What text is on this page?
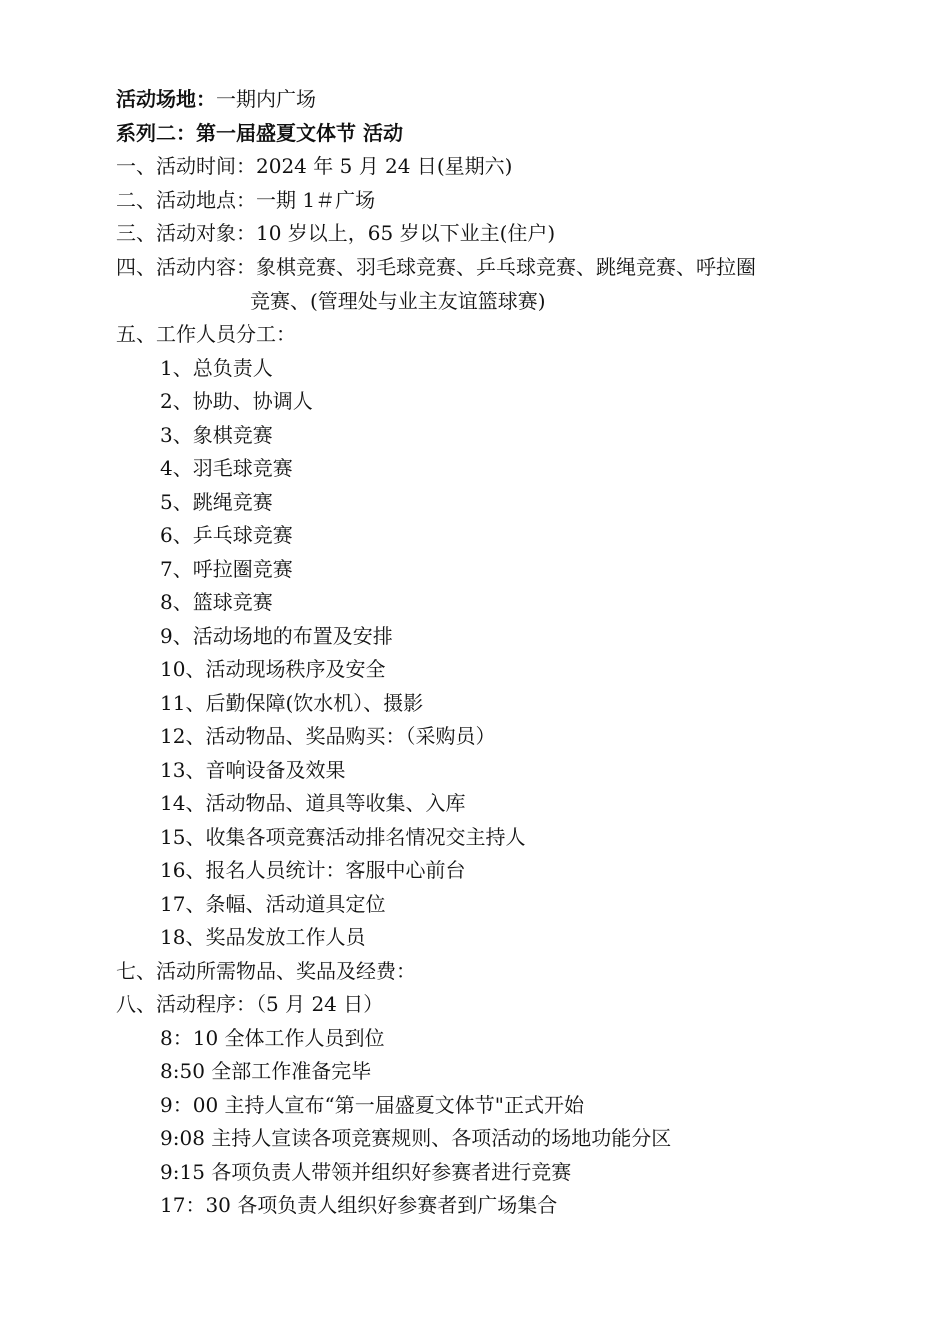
活动场地：一期内广场
系列二：第一届盛夏文体节 活动
一、活动时间：2024 年 5 月 24 日(星期六)
二、活动地点：一期 1＃广场
三、活动对象：10 岁以上，65 岁以下业主(住户)
四、活动内容：象棋竞赛、羽毛球竞赛、乒乓球竞赛、跳绳竞赛、呼拉圈
竞赛、(管理处与业主友谊篮球赛)
五、工作人员分工：
1、总负责人
2、协助、协调人
3、象棋竞赛
4、羽毛球竞赛
5、跳绳竞赛
6、乒乓球竞赛
7、呼拉圈竞赛
8、篮球竞赛
9、活动场地的布置及安排
10、活动现场秩序及安全
11、后勤保障(饮水机）、摄影
12、活动物品、奖品购买：（采购员）
13、音响设备及效果
14、活动物品、道具等收集、入库
15、收集各项竞赛活动排名情况交主持人
16、报名人员统计：客服中心前台
17、条幅、活动道具定位
18、奖品发放工作人员
七、活动所需物品、奖品及经费：
八、活动程序：（5 月 24 日）
8：10 全体工作人员到位
8:50 全部工作准备完毕
9：00 主持人宣布“第一届盛夏文体节"正式开始
9:08 主持人宣读各项竞赛规则、各项活动的场地功能分区
9:15 各项负责人带领并组织好参赛者进行竞赛
17：30 各项负责人组织好参赛者到广场集合
